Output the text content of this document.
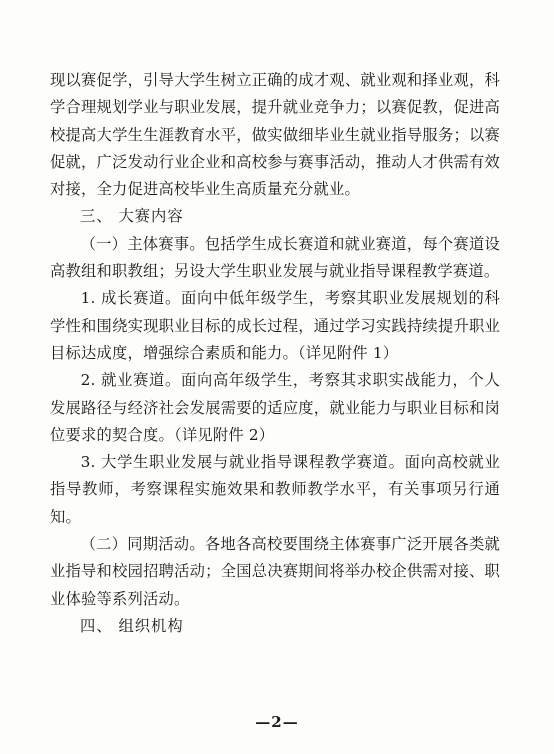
现以赛促学，引导大学生树立正确的成才观、就业观和择业观，科学合理规划学业与职业发展，提升就业竞争力；以赛促教，促进高校提高大学生生涯教育水平，做实做细毕业生就业指导服务；以赛促就，广泛发动行业企业和高校参与赛事活动，推动人才供需有效对接，全力促进高校毕业生高质量充分就业。

三、 大赛内容

（一）主体赛事。包括学生成长赛道和就业赛道，每个赛道设高教组和职教组；另设大学生职业发展与就业指导课程教学赛道。

1. 成长赛道。面向中低年级学生，考察其职业发展规划的科学性和围绕实现职业目标的成长过程，通过学习实践持续提升职业目标达成度，增强综合素质和能力。（详见附件 1）

2. 就业赛道。面向高年级学生，考察其求职实战能力，个人发展路径与经济社会发展需要的适应度，就业能力与职业目标和岗位要求的契合度。（详见附件 2）

3. 大学生职业发展与就业指导课程教学赛道。面向高校就业指导教师，考察课程实施效果和教师教学水平，有关事项另行通知。

（二）同期活动。各地各高校要围绕主体赛事广泛开展各类就业指导和校园招聘活动；全国总决赛期间将举办校企供需对接、职业体验等系列活动。

四、 组织机构
—2—
